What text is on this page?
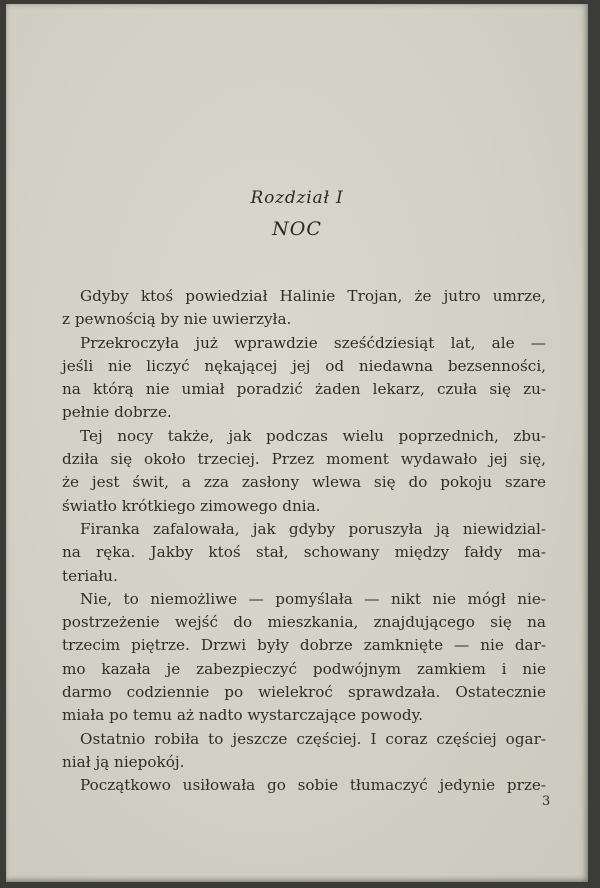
Rozdział I
NOC
Gdyby ktoś powiedział Halinie Trojan, że jutro umrze,
z pewnością by nie uwierzyła.
Przekroczyła już wprawdzie sześćdziesiąt lat, ale —
jeśli nie liczyć nękającej jej od niedawna bezsenności,
na którą nie umiał poradzić żaden lekarz, czuła się zu-
pełnie dobrze.
Tej nocy także, jak podczas wielu poprzednich, zbu-
dziła się około trzeciej. Przez moment wydawało jej się,
że jest świt, a zza zasłony wlewa się do pokoju szare
światło krótkiego zimowego dnia.
Firanka zafalowała, jak gdyby poruszyła ją niewidzial-
na ręka. Jakby ktoś stał, schowany między fałdy ma-
teriału.
Nie, to niemożliwe — pomyślała — nikt nie mógł nie-
postrzeżenie wejść do mieszkania, znajdującego się na
trzecim piętrze. Drzwi były dobrze zamknięte — nie dar-
mo kazała je zabezpieczyć podwójnym zamkiem i nie
darmo codziennie po wielekroć sprawdzała. Ostatecznie
miała po temu aż nadto wystarczające powody.
Ostatnio robiła to jeszcze częściej. I coraz częściej ogar-
niał ją niepokój.
Początkowo usiłowała go sobie tłumaczyć jedynie prze-
3
